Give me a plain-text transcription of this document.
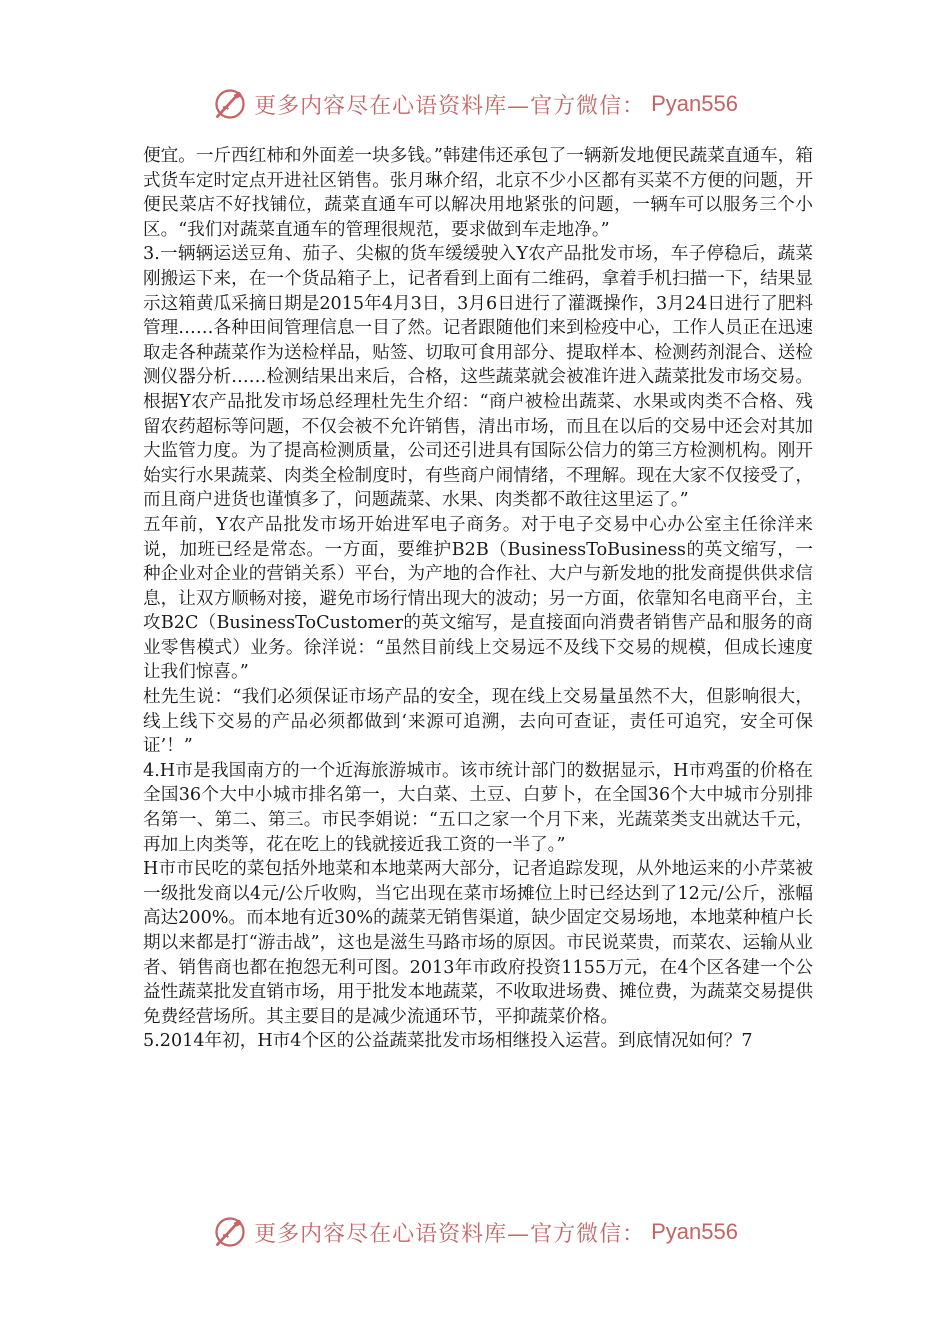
更多内容尽在心语资料库—官方微信： Pyan556

便宜。一斤西红柿和外面差一块多钱。”韩建伟还承包了一辆新发地便民蔬菜直通车，箱式货车定时定点开进社区销售。张月琳介绍，北京不少小区都有买菜不方便的问题，开便民菜店不好找铺位，蔬菜直通车可以解决用地紧张的问题，一辆车可以服务三个小区。“我们对蔬菜直通车的管理很规范，要求做到车走地净。”

3.一辆辆运送豆角、茄子、尖椒的货车缓缓驶入Y农产品批发市场，车子停稳后，蔬菜刚搬运下来，在一个货品箱子上，记者看到上面有二维码，拿着手机扫描一下，结果显示这箱黄瓜采摘日期是2015年4月3日，3月6日进行了灌溉操作，3月24日进行了肥料管理……各种田间管理信息一目了然。记者跟随他们来到检疫中心，工作人员正在迅速取走各种蔬菜作为送检样品，贴签、切取可食用部分、提取样本、检测药剂混合、送检测仪器分析……检测结果出来后，合格，这些蔬菜就会被准许进入蔬菜批发市场交易。根据Y农产品批发市场总经理杜先生介绍：“商户被检出蔬菜、水果或肉类不合格、残留农药超标等问题，不仅会被不允许销售，清出市场，而且在以后的交易中还会对其加大监管力度。为了提高检测质量，公司还引进具有国际公信力的第三方检测机构。刚开始实行水果蔬菜、肉类全检制度时，有些商户闹情绪，不理解。现在大家不仅接受了，而且商户进货也谨慎多了，问题蔬菜、水果、肉类都不敢往这里运了。”

五年前，Y农产品批发市场开始进军电子商务。对于电子交易中心办公室主任徐洋来说，加班已经是常态。一方面，要维护B2B（BusinessToBusiness的英文缩写，一种企业对企业的营销关系）平台，为产地的合作社、大户与新发地的批发商提供供求信息，让双方顺畅对接，避免市场行情出现大的波动；另一方面，依靠知名电商平台，主攻B2C（BusinessToCustomer的英文缩写，是直接面向消费者销售产品和服务的商业零售模式）业务。徐洋说：“虽然目前线上交易远不及线下交易的规模，但成长速度让我们惊喜。”

杜先生说：“我们必须保证市场产品的安全，现在线上交易量虽然不大，但影响很大，线上线下交易的产品必须都做到‘来源可追溯，去向可查证，责任可追究，安全可保证’！”

4.H市是我国南方的一个近海旅游城市。该市统计部门的数据显示，H市鸡蛋的价格在全国36个大中小城市排名第一，大白菜、土豆、白萝卜，在全国36个大中城市分别排名第一、第二、第三。市民李娟说：“五口之家一个月下来，光蔬菜类支出就达千元，再加上肉类等，花在吃上的钱就接近我工资的一半了。”

H市市民吃的菜包括外地菜和本地菜两大部分，记者追踪发现，从外地运来的小芹菜被一级批发商以4元/公斤收购，当它出现在菜市场摊位上时已经达到了12元/公斤，涨幅高达200%。而本地有近30%的蔬菜无销售渠道，缺少固定交易场地，本地菜种植户长期以来都是打“游击战”，这也是滋生马路市场的原因。市民说菜贵，而菜农、运输从业者、销售商也都在抱怨无利可图。2013年市政府投资1155万元，在4个区各建一个公益性蔬菜批发直销市场，用于批发本地蔬菜，不收取进场费、摊位费，为蔬菜交易提供免费经营场所。其主要目的是减少流通环节，平抑蔬菜价格。

5.2014年初，H市4个区的公益蔬菜批发市场相继投入运营。到底情况如何？7

更多内容尽在心语资料库—官方微信： Pyan556
